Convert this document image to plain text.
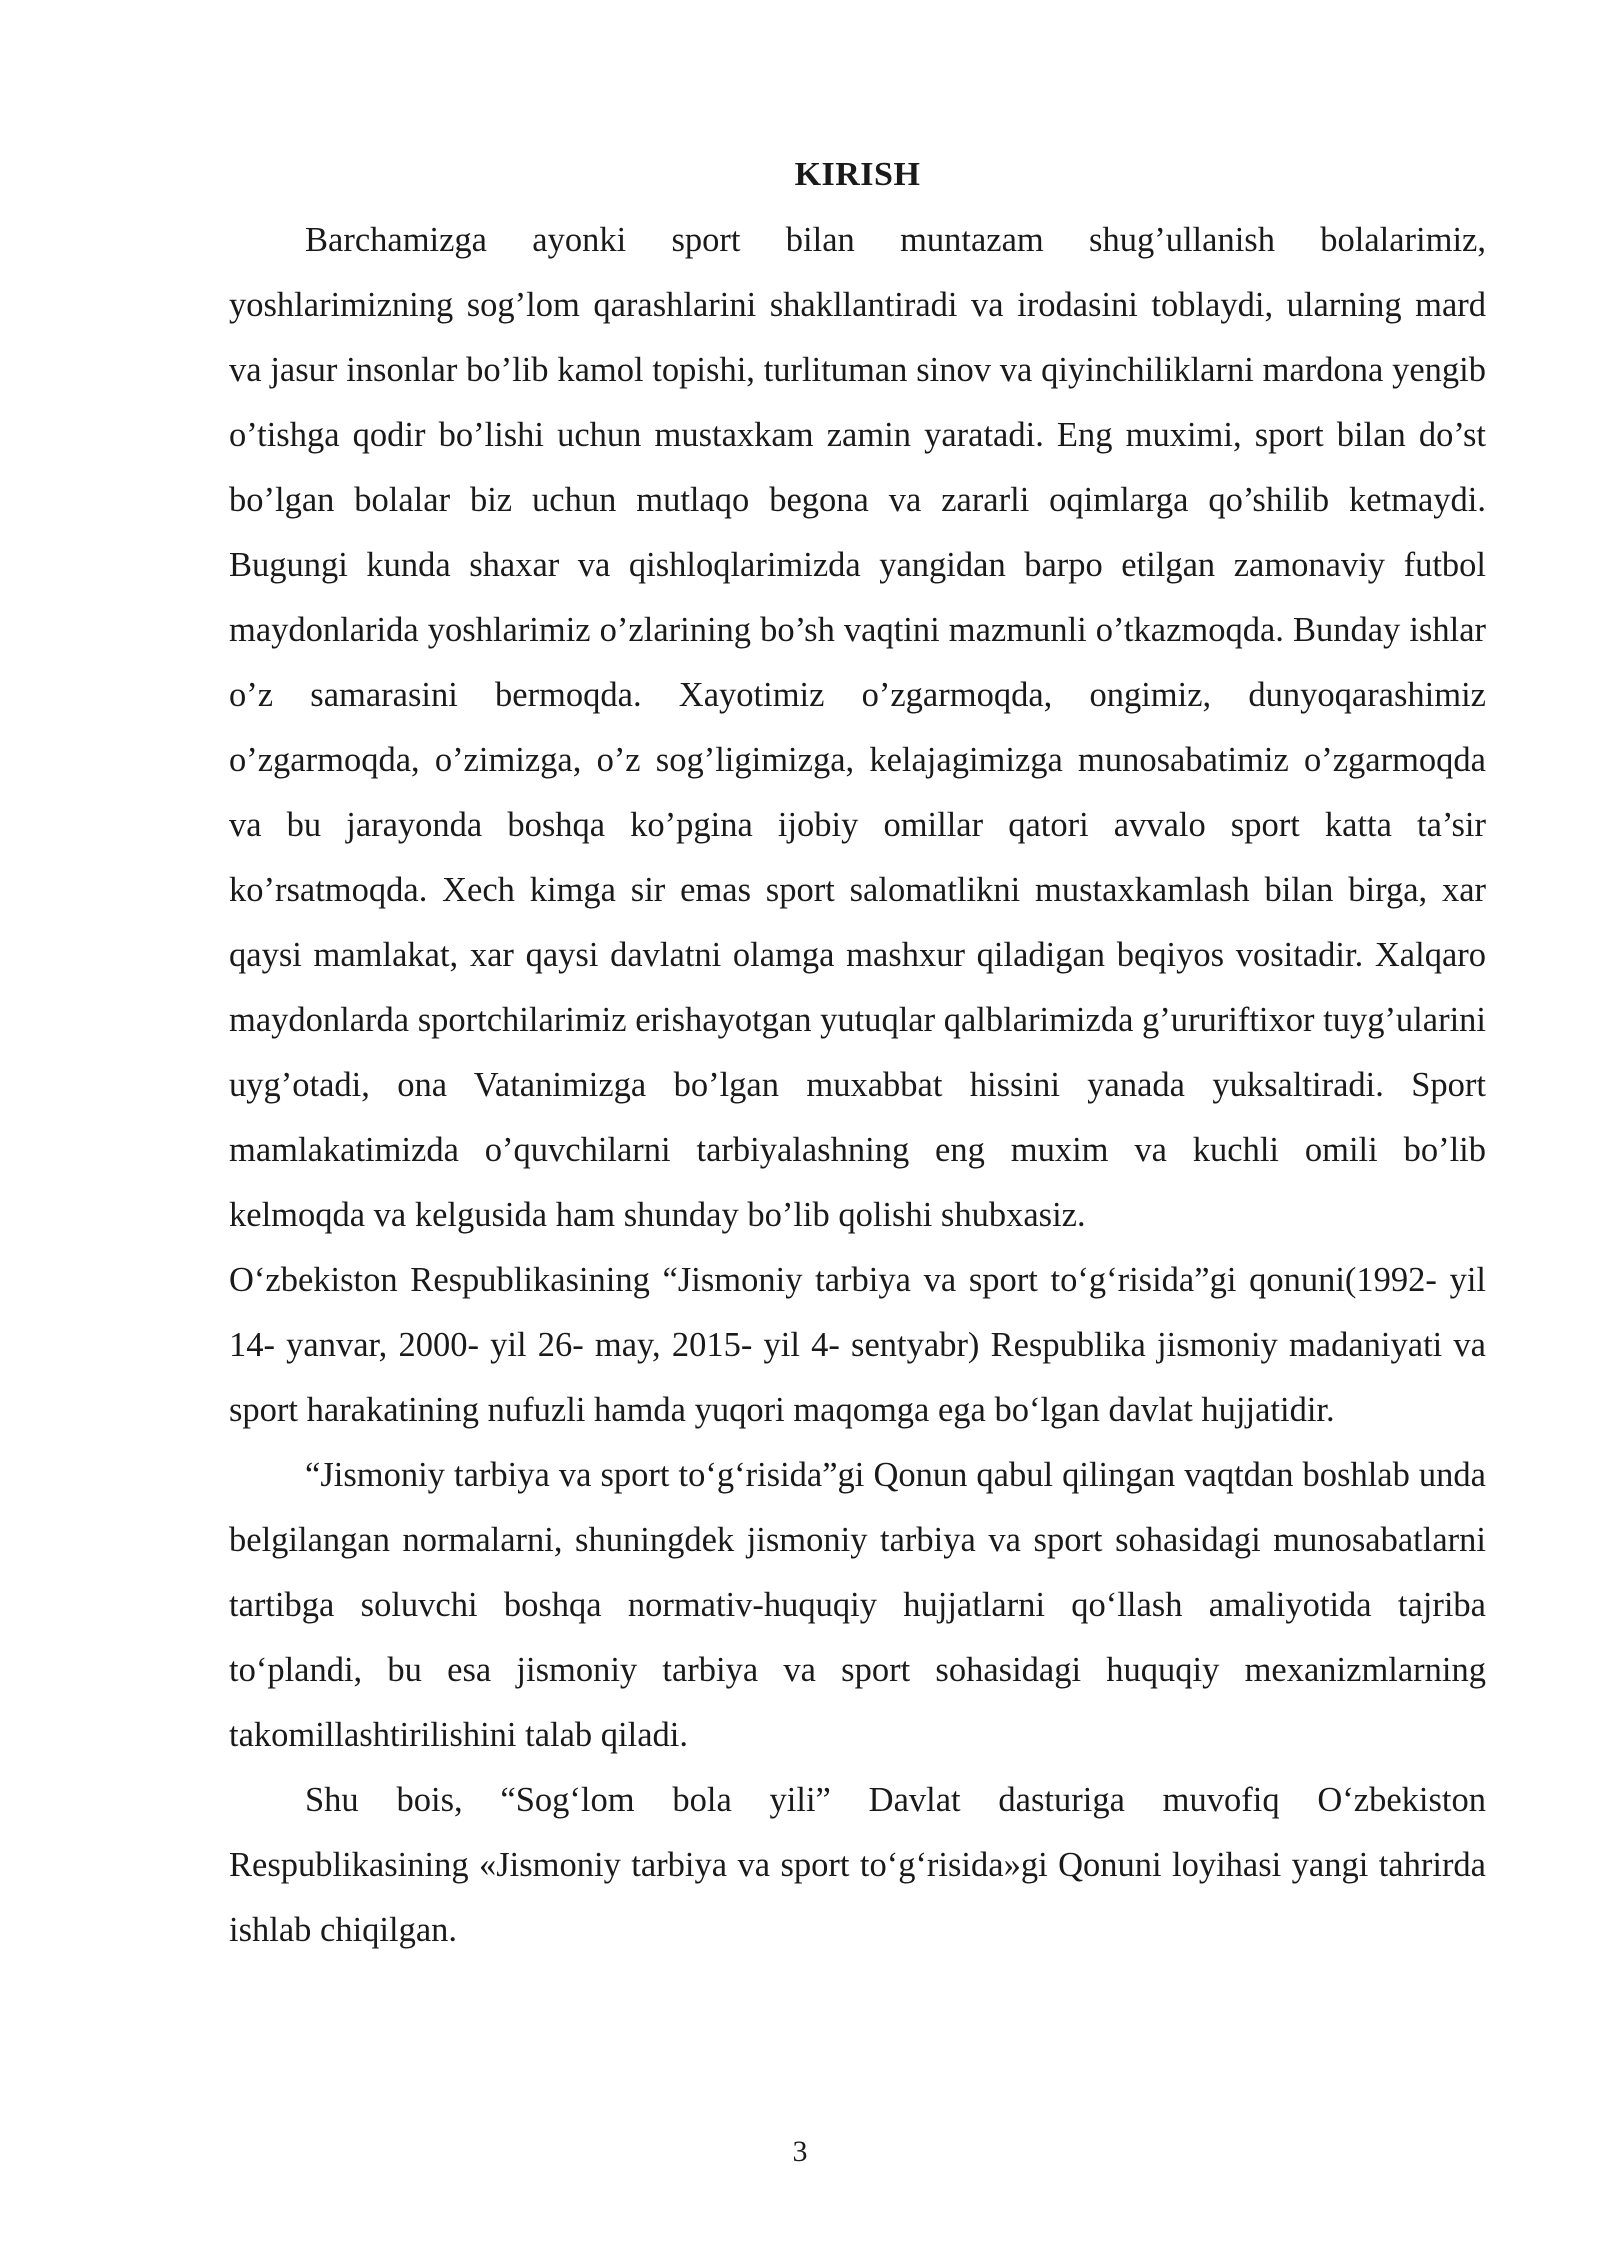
KIRISH

Barchamizga ayonki sport bilan muntazam shug’ullanish bolalarimiz, yoshlarimizning sog’lom qarashlarini shakllantiradi va irodasini toblaydi, ularning mard va jasur insonlar bo’lib kamol topishi, turlituman sinov va qiyinchiliklarni mardona yengib o’tishga qodir bo’lishi uchun mustaxkam zamin yaratadi. Eng muximi, sport bilan do’st bo’lgan bolalar biz uchun mutlaqo begona va zararli oqimlarga qo’shilib ketmaydi. Bugungi kunda shaxar va qishloqlarimizda yangidan barpo etilgan zamonaviy futbol maydonlarida yoshlarimiz o’zlarining bo’sh vaqtini mazmunli o’tkazmoqda. Bunday ishlar o’z samarasini bermoqda. Xayotimiz o’zgarmoqda, ongimiz, dunyoqarashimiz o’zgarmoqda, o’zimizga, o’z sog’ligimizga, kelajagimizga munosabatimiz o’zgarmoqda va bu jarayonda boshqa ko’pgina ijobiy omillar qatori avvalo sport katta ta’sir ko’rsatmoqda. Xech kimga sir emas sport salomatlikni mustaxkamlash bilan birga, xar qaysi mamlakat, xar qaysi davlatni olamga mashxur qiladigan beqiyos vositadir. Xalqaro maydonlarda sportchilarimiz erishayotgan yutuqlar qalblarimizda g’ururiftixor tuyg’ularini uyg’otadi, ona Vatanimizga bo’lgan muxabbat hissini yanada yuksaltiradi. Sport mamlakatimizda o’quvchilarni tarbiyalashning eng muxim va kuchli omili bo’lib kelmoqda va kelgusida ham shunday bo’lib qolishi shubxasiz.

O‘zbekiston Respublikasining “Jismoniy tarbiya va sport to‘g‘risida”gi qonuni(1992- yil 14- yanvar, 2000- yil 26- may, 2015- yil 4- sentyabr) Respublika jismoniy madaniyati va sport harakatining nufuzli hamda yuqori maqomga ega bo‘lgan davlat hujjatidir.

“Jismoniy tarbiya va sport to‘g‘risida”gi Qonun qabul qilingan vaqtdan boshlab unda belgilangan normalarni, shuningdek jismoniy tarbiya va sport sohasidagi munosabatlarni tartibga soluvchi boshqa normativ-huquqiy hujjatlarni qo‘llash amaliyotida tajriba to‘plandi, bu esa jismoniy tarbiya va sport sohasidagi huquqiy mexanizmlarning takomillashtirilishini talab qiladi.

Shu bois, “Sog‘lom bola yili” Davlat dasturiga muvofiq O‘zbekiston Respublikasining «Jismoniy tarbiya va sport to‘g‘risida»gi Qonuni loyihasi yangi tahrirda ishlab chiqilgan.

3
